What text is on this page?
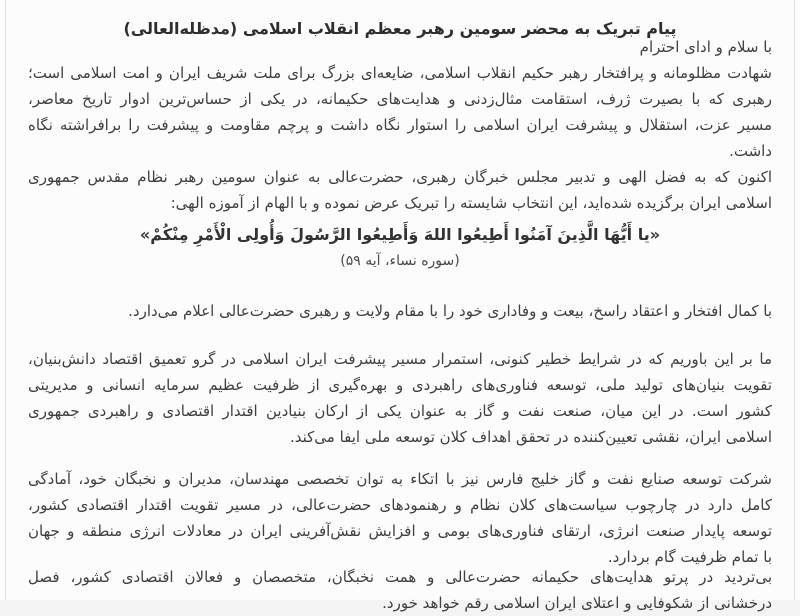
پیام تبریک به محضر سومین رهبر معظم انقلاب اسلامی (مدظله‌العالی)
با سلام و ادای احترام
شهادت مظلومانه و پرافتخار رهبر حکیم انقلاب اسلامی، ضایعه‌ای بزرگ برای ملت شریف ایران و امت اسلامی است؛
رهبری که با بصیرت ژرف، استقامت مثال‌زدنی و هدایت‌های حکیمانه، در یکی از حساس‌ترین ادوار تاریخ معاصر،
مسیر عزت، استقلال و پیشرفت ایران اسلامی را استوار نگاه داشت و پرچم مقاومت و پیشرفت را برافراشته نگاه
داشت.
اکنون که به فضل الهی و تدبیر مجلس خبرگان رهبری، حضرت‌عالی به عنوان سومین رهبر نظام مقدس جمهوری
اسلامی ایران برگزیده شده‌اید، این انتخاب شایسته را تبریک عرض نموده و با الهام از آموزه الهی:
«یا أَیُّهَا الَّذِینَ آمَنُوا أَطِیعُوا اللهَ وَأَطِیعُوا الرَّسُولَ وَأُولِی الْأَمْرِ مِنْکُمْ»
(سوره نساء، آیه ۵۹)
با کمال افتخار و اعتقاد راسخ، بیعت و وفاداری خود را با مقام ولایت و رهبری حضرت‌عالی اعلام می‌دارد.
ما بر این باوریم که در شرایط خطیر کنونی، استمرار مسیر پیشرفت ایران اسلامی در گرو تعمیق اقتصاد دانش‌بنیان،
تقویت بنیان‌های تولید ملی، توسعه فناوری‌های راهبردی و بهره‌گیری از ظرفیت عظیم سرمایه انسانی و مدیریتی
کشور است. در این میان، صنعت نفت و گاز به عنوان یکی از ارکان بنیادین اقتدار اقتصادی و راهبردی جمهوری
اسلامی ایران، نقشی تعیین‌کننده در تحقق اهداف کلان توسعه ملی ایفا می‌کند.
شرکت توسعه صنایع نفت و گاز خلیج فارس نیز با اتکاء به توان تخصصی مهندسان، مدیران و نخبگان خود، آمادگی
کامل دارد در چارچوب سیاست‌های کلان نظام و رهنمودهای حضرت‌عالی، در مسیر تقویت اقتدار اقتصادی کشور،
توسعه پایدار صنعت انرژی، ارتقای فناوری‌های بومی و افزایش نقش‌آفرینی ایران در معادلات انرژی منطقه و جهان
با تمام ظرفیت گام بردارد.
بی‌تردید در پرتو هدایت‌های حکیمانه حضرت‌عالی و همت نخبگان، متخصصان و فعالان اقتصادی کشور، فصل
درخشانی از شکوفایی و اعتلای ایران اسلامی رقم خواهد خورد.
